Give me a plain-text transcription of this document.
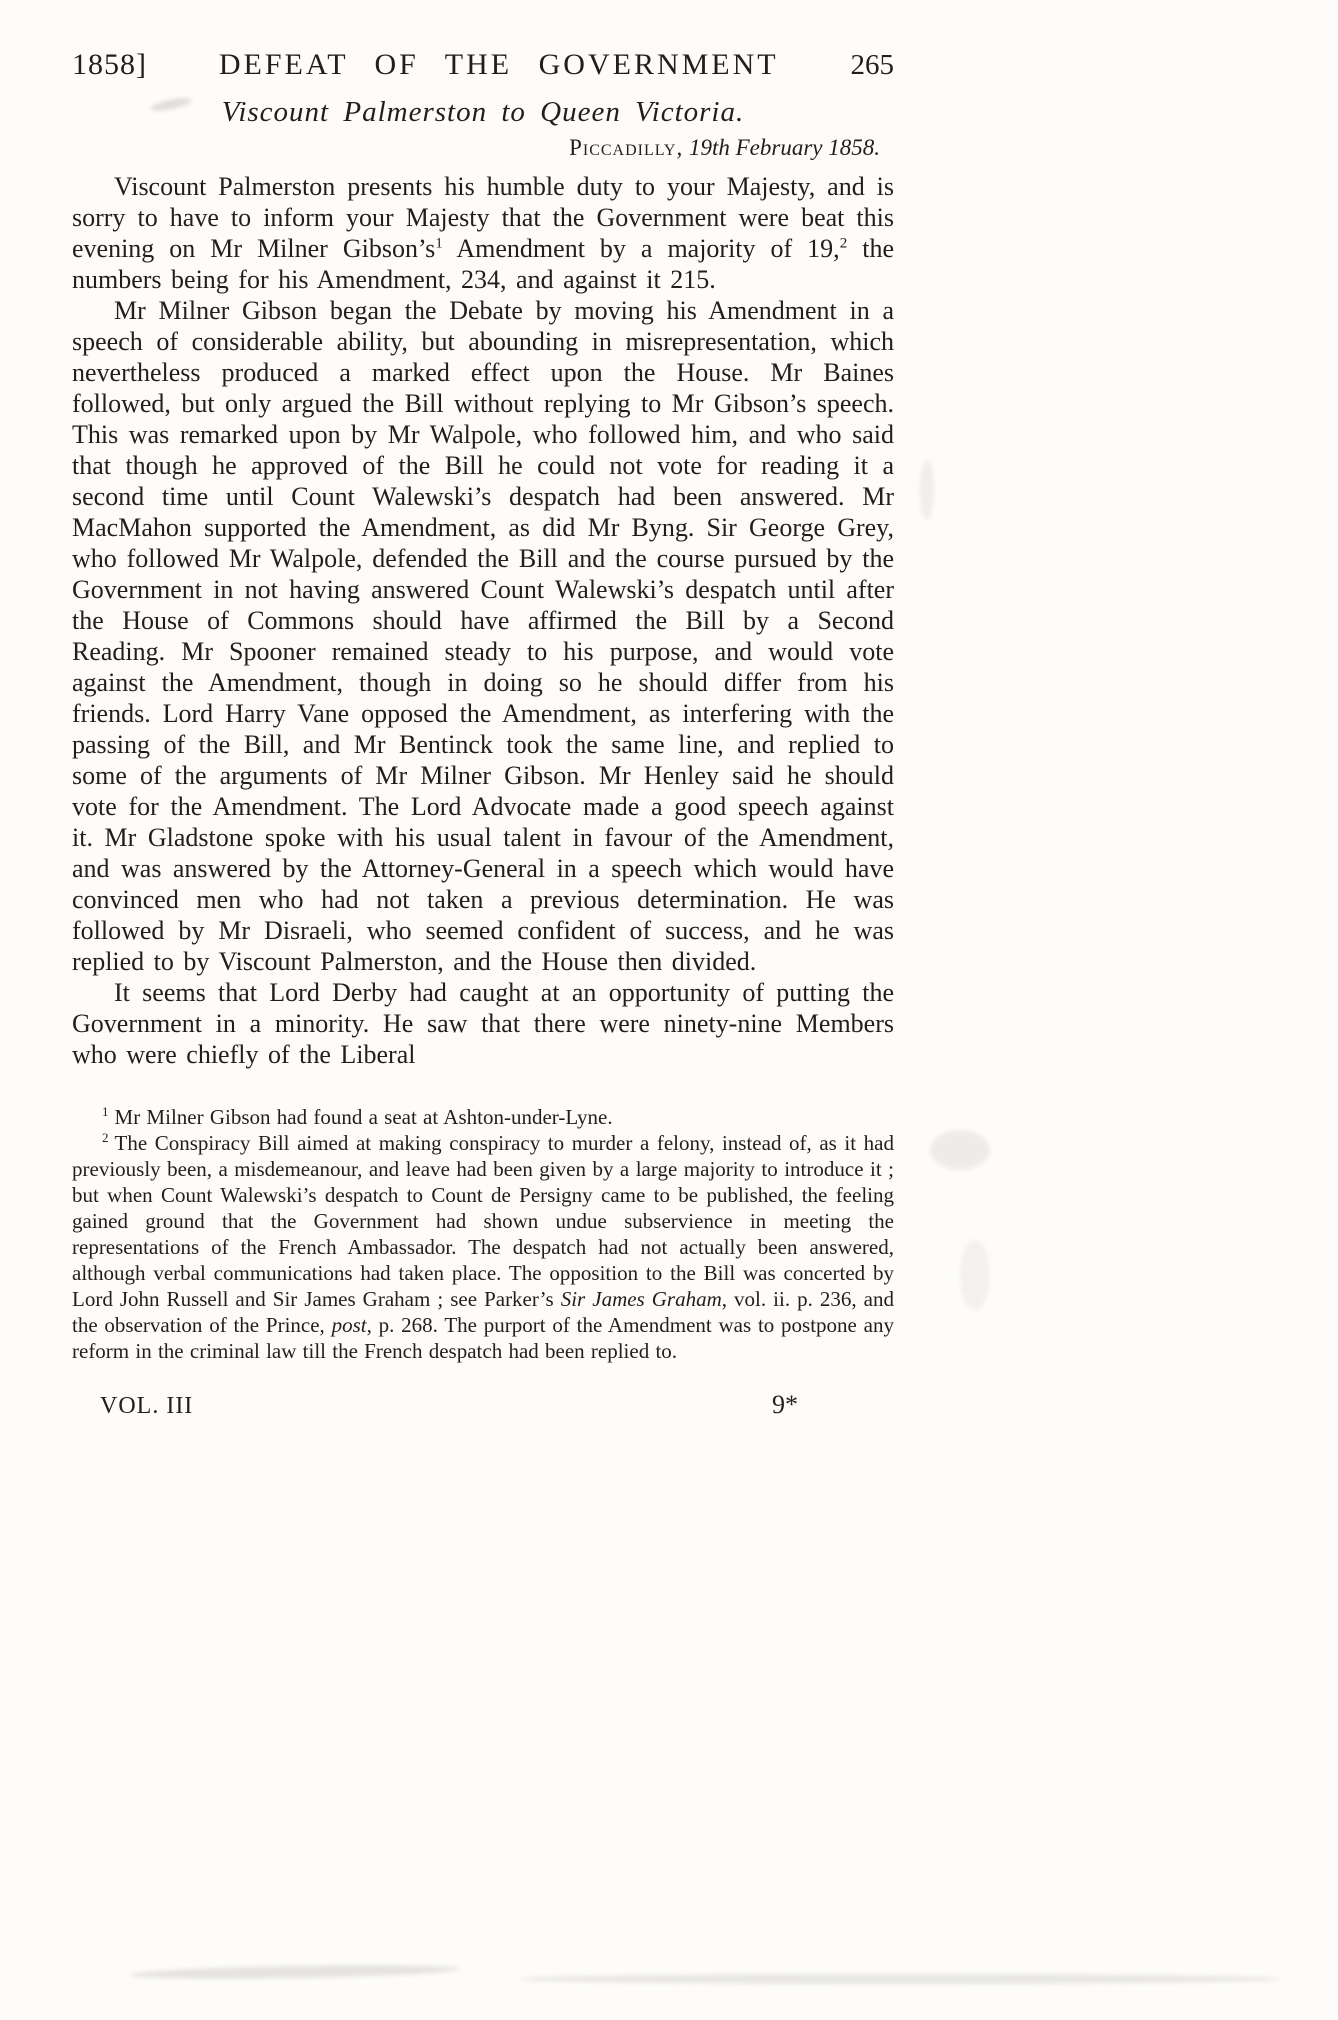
1858] DEFEAT OF THE GOVERNMENT 265
Viscount Palmerston to Queen Victoria.

Piccadilly, 19th February 1858.

Viscount Palmerston presents his humble duty to your Majesty, and is sorry to have to inform your Majesty that the Government were beat this evening on Mr Milner Gibson’s$^1$ Amendment by a majority of 19,$^2$ the numbers being for his Amendment, 234, and against it 215.

Mr Milner Gibson began the Debate by moving his Amendment in a speech of considerable ability, but abounding in misrepresentation, which nevertheless produced a marked effect upon the House. Mr Baines followed, but only argued the Bill without replying to Mr Gibson’s speech. This was remarked upon by Mr Walpole, who followed him, and who said that though he approved of the Bill he could not vote for reading it a second time until Count Walewski’s despatch had been answered. Mr MacMahon supported the Amendment, as did Mr Byng. Sir George Grey, who followed Mr Walpole, defended the Bill and the course pursued by the Government in not having answered Count Walewski’s despatch until after the House of Commons should have affirmed the Bill by a Second Reading. Mr Spooner remained steady to his purpose, and would vote against the Amendment, though in doing so he should differ from his friends. Lord Harry Vane opposed the Amendment, as interfering with the passing of the Bill, and Mr Bentinck took the same line, and replied to some of the arguments of Mr Milner Gibson. Mr Henley said he should vote for the Amendment. The Lord Advocate made a good speech against it. Mr Gladstone spoke with his usual talent in favour of the Amendment, and was answered by the Attorney-General in a speech which would have convinced men who had not taken a previous determination. He was followed by Mr Disraeli, who seemed confident of success, and he was replied to by Viscount Palmerston, and the House then divided.

It seems that Lord Derby had caught at an opportunity of putting the Government in a minority. He saw that there were ninety-nine Members who were chiefly of the Liberal

$^1$ Mr Milner Gibson had found a seat at Ashton-under-Lyne.

$^2$ The Conspiracy Bill aimed at making conspiracy to murder a felony, instead of, as it had previously been, a misdemeanour, and leave had been given by a large majority to introduce it ; but when Count Walewski’s despatch to Count de Persigny came to be published, the feeling gained ground that the Government had shown undue subservience in meeting the representations of the French Ambassador. The despatch had not actually been answered, although verbal communications had taken place. The opposition to the Bill was concerted by Lord John Russell and Sir James Graham ; see Parker’s Sir James Graham, vol. ii. p. 236, and the observation of the Prince, post, p. 268. The purport of the Amendment was to postpone any reform in the criminal law till the French despatch had been replied to.

VOL. III	9*
